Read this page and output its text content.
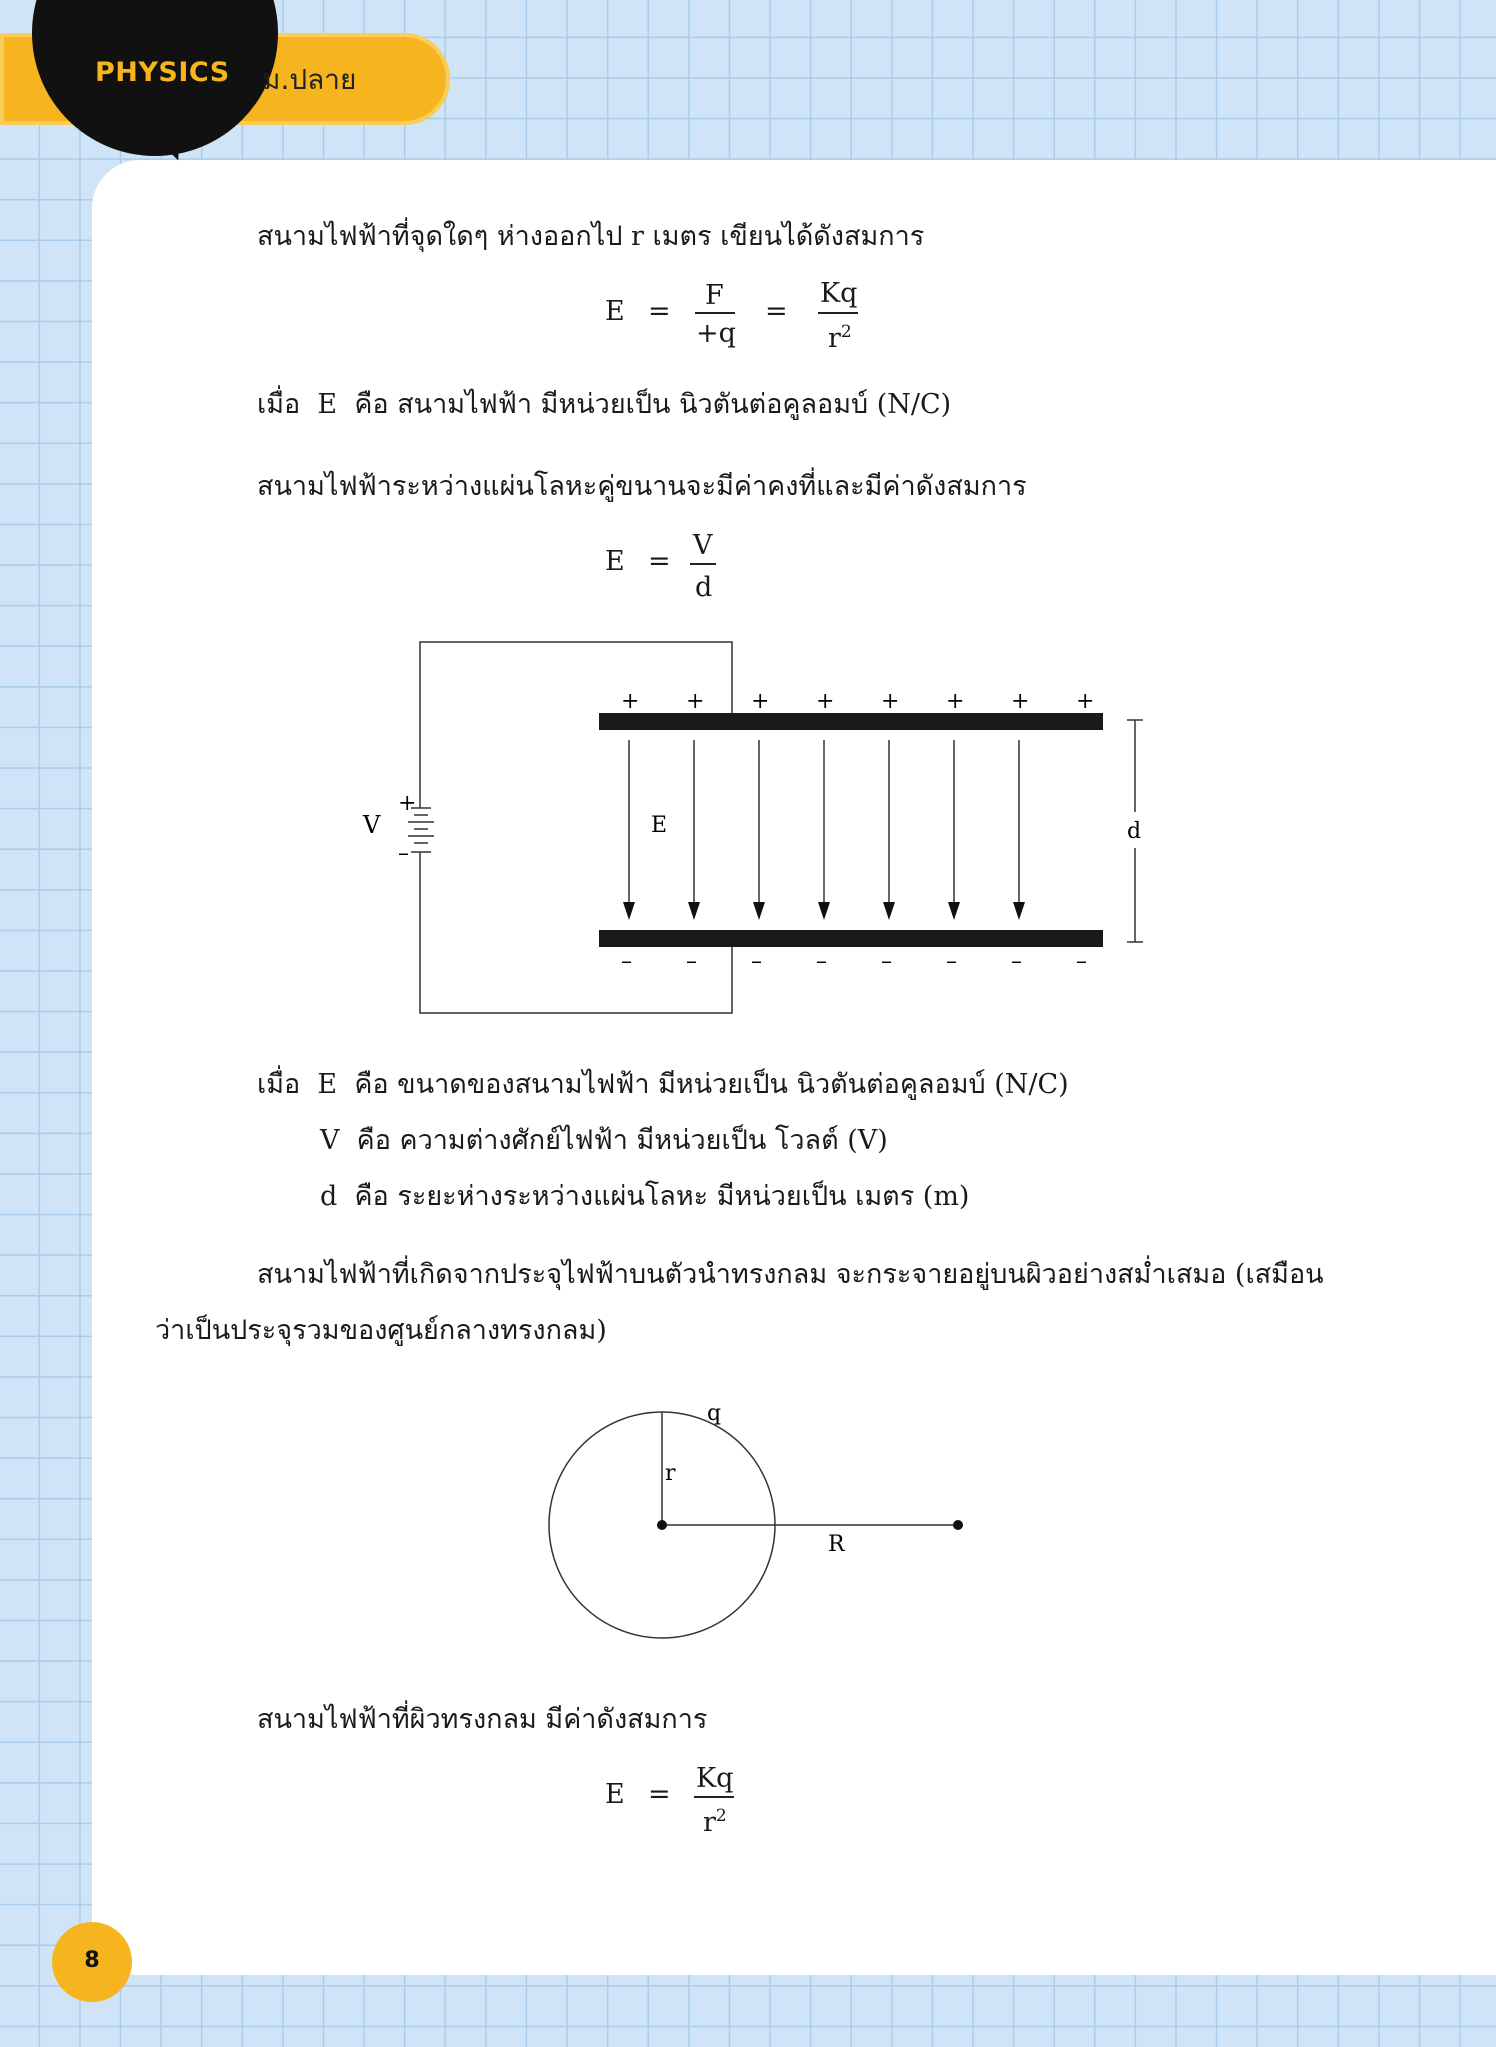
PHYSICS ม.ปลาย
สนามไฟฟ้าที่จุดใดๆ ห่างออกไป r เมตร เขียนได้ดังสมการ
E =
F
+q
=
Kq
$r^2$
เมื่อ E คือ สนามไฟฟ้า มีหน่วยเป็น นิวตันต่อคูลอมบ์ (N/C)
สนามไฟฟ้าระหว่างแผ่นโลหะคู่ขนานจะมีค่าคงที่และมีค่าดังสมการ
E =
V
d
+
–
V
+ + + + + + + +
– – – – – – – –
E	d
q
r
R
เมื่อ E คือ ขนาดของสนามไฟฟ้า มีหน่วยเป็น นิวตันต่อคูลอมบ์ (N/C)
V คือ ความต่างศักย์ไฟฟ้า มีหน่วยเป็น โวลต์ (V)
d คือ ระยะห่างระหว่างแผ่นโลหะ มีหน่วยเป็น เมตร (m)
สนามไฟฟ้าที่เกิดจากประจุไฟฟ้าบนตัวนำทรงกลม จะกระจายอยู่บนผิวอย่างสม่ำเสมอ (เสมือน
ว่าเป็นประจุรวมของศูนย์กลางทรงกลม)
สนามไฟฟ้าที่ผิวทรงกลม มีค่าดังสมการ
E =
Kq
$r^2$
8
